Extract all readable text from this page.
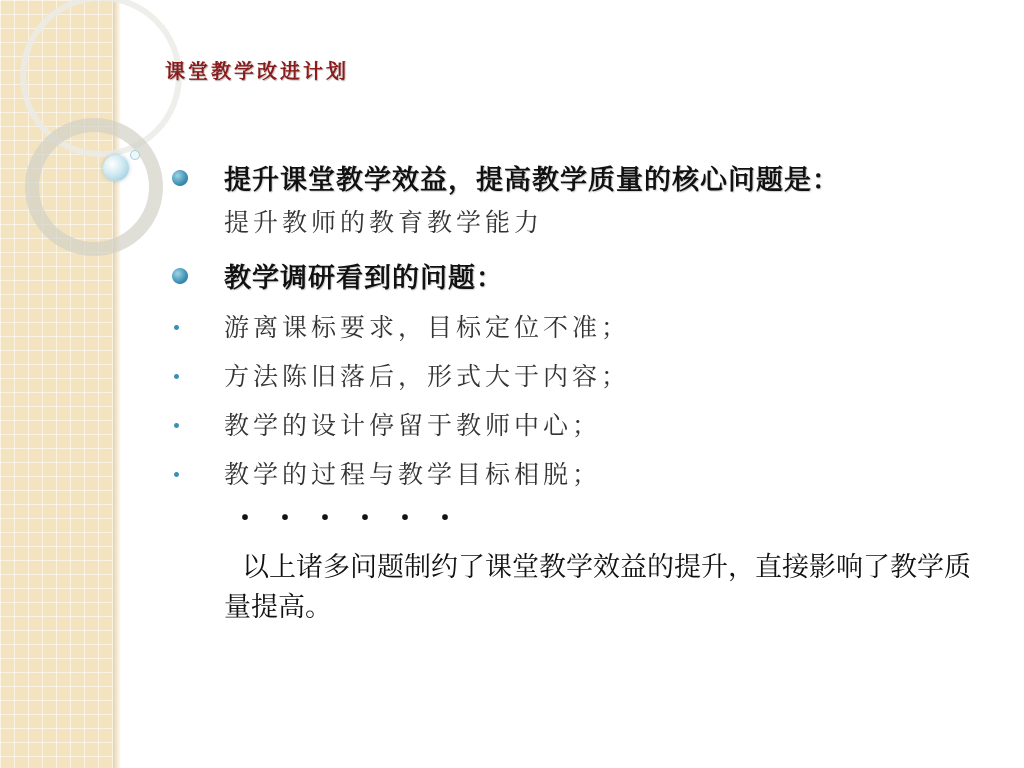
课堂教学改进计划
提升课堂教学效益，提高教学质量的核心问题是：
提升教师的教育教学能力
教学调研看到的问题：
游离课标要求，目标定位不准；
方法陈旧落后，形式大于内容；
教学的设计停留于教师中心；
教学的过程与教学目标相脱；
・・・・・・
以上诸多问题制约了课堂教学效益的提升，直接影响了教学质量提高。
